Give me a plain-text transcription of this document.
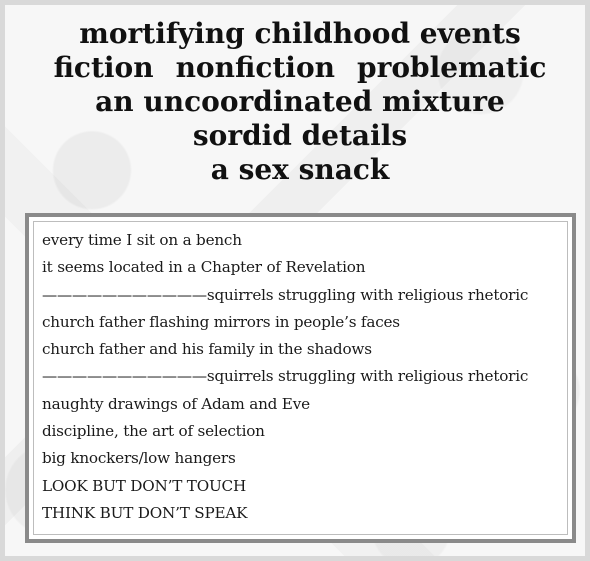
mortifying childhood events
fiction nonfiction problematic
an uncoordinated mixture
sordid details
a sex snack
every time I sit on a bench
it seems located in a Chapter of Revelation
———————————squirrels struggling with religious rhetoric
church father flashing mirrors in people’s faces
church father and his family in the shadows
———————————squirrels struggling with religious rhetoric
naughty drawings of Adam and Eve
discipline, the art of selection
big knockers/low hangers
LOOK BUT DON’T TOUCH
THINK BUT DON’T SPEAK
